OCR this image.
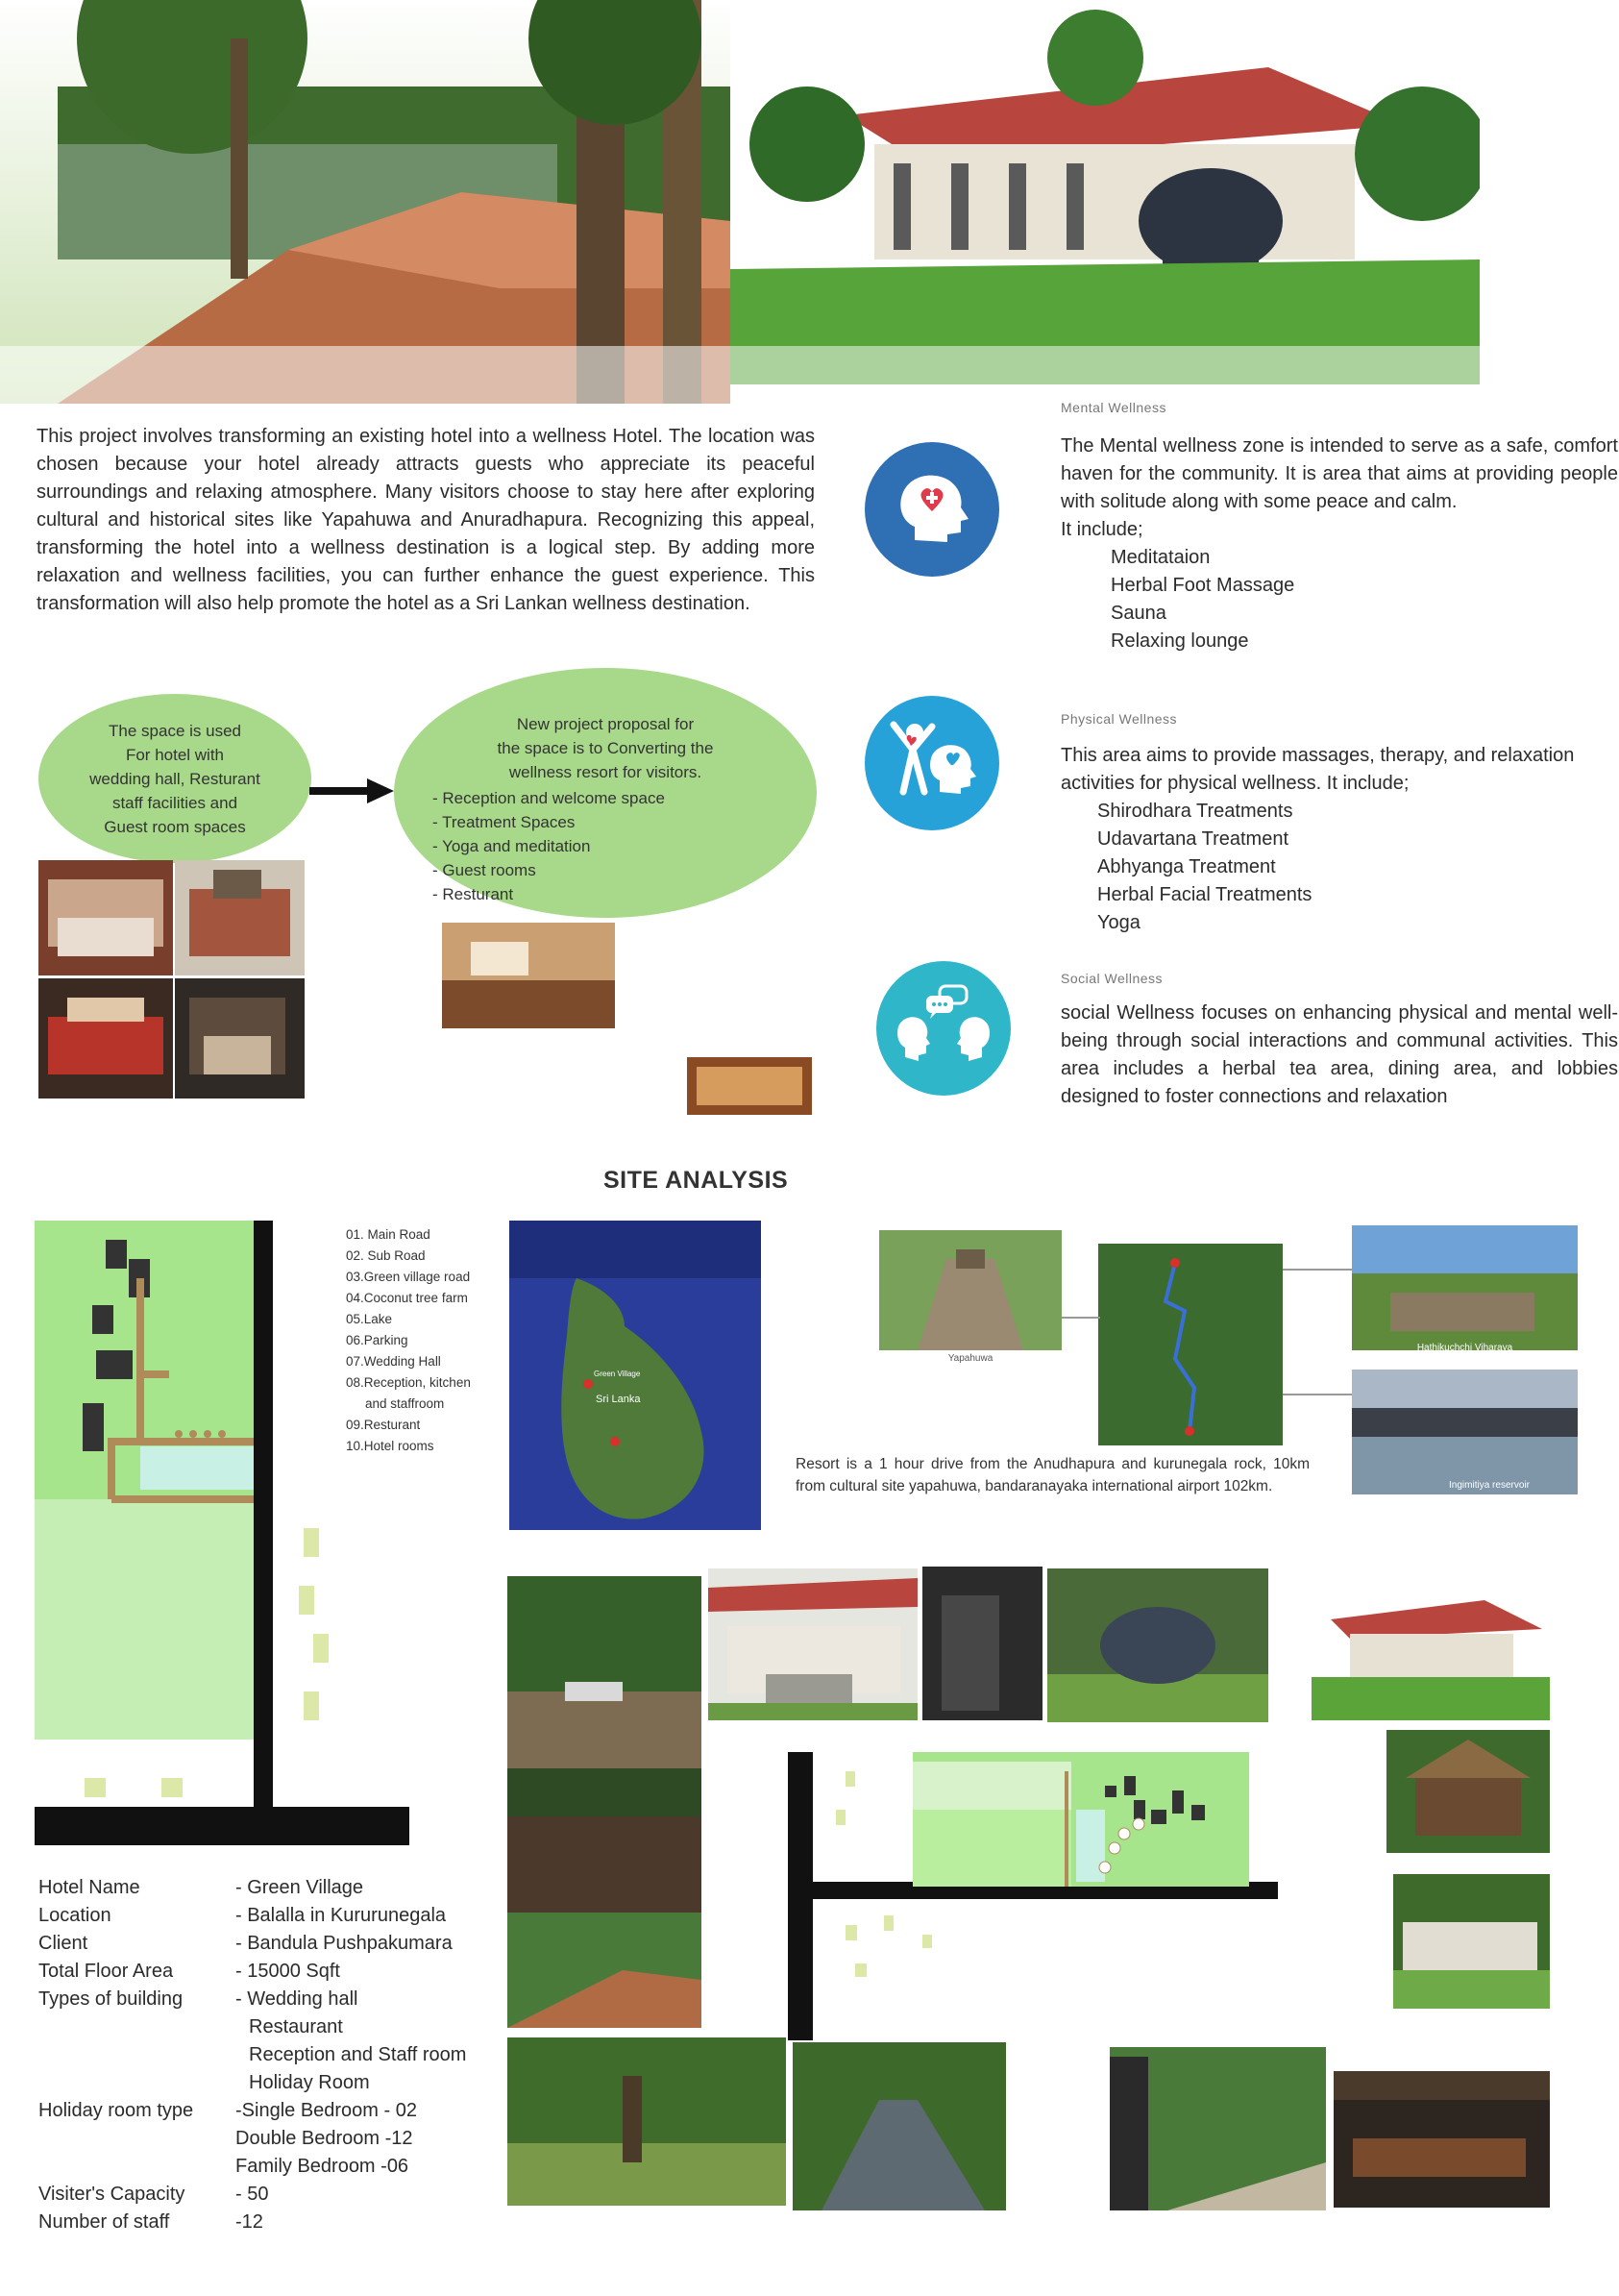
This project involves transforming an existing hotel into a wellness Hotel. The location was chosen because your hotel already attracts guests who appreciate its peaceful surroundings and relaxing atmosphere. Many visitors choose to stay here after exploring cultural and historical sites like Yapahuwa and Anuradhapura. Recognizing this appeal, transforming the hotel into a wellness destination is a logical step. By adding more relaxation and wellness facilities, you can further enhance the guest experience. This transformation will also help promote the hotel as a Sri Lankan wellness destination.
The space is used
For hotel with
wedding hall, Resturant
staff facilities and
Guest room spaces
New project proposal for
the space is to Converting the
wellness resort for visitors.
- Reception and welcome space
- Treatment Spaces
- Yoga and meditation
- Guest rooms
- Resturant
Mental Wellness
The Mental wellness zone is intended to serve as a safe, comfort haven for the community. It is area that aims at providing people with solitude along with some peace and calm.
It include;
Meditataion
Herbal Foot Massage
Sauna
Relaxing lounge
Physical Wellness
This area aims to provide massages, therapy, and relaxation activities for physical wellness. It include;
Shirodhara Treatments
Udavartana Treatment
Abhyanga Treatment
Herbal Facial Treatments
Yoga
Social Wellness
social Wellness focuses on enhancing physical and mental well-being through social interactions and communal activities. This area includes a herbal tea area, dining area, and lobbies designed to foster connections and relaxation
SITE ANALYSIS
01. Main Road
02. Sub Road
03.Green village road
04.Coconut tree farm
05.Lake
06.Parking
07.Wedding Hall
08.Reception, kitchen
and staffroom
09.Resturant
10.Hotel rooms
Sri Lanka
Green Village
Yapahuwa
Hathikuchchi Viharaya
Ingimitiya reservoir
Resort is a 1 hour drive from the Anudhapura and kurunegala rock, 10km from cultural site yapahuwa, bandaranayaka international airport 102km.
Hotel Name	- Green Village
Location	- Balalla in Kururunegala
Client	- Bandula Pushpakumara
Total Floor Area	- 15000 Sqft
Types of building	- Wedding hall
Restaurant
Reception and Staff room
Holiday Room
Holiday room type	-Single Bedroom - 02
Double Bedroom -12
Family Bedroom -06
Visiter's Capacity	- 50
Number of staff	-12
